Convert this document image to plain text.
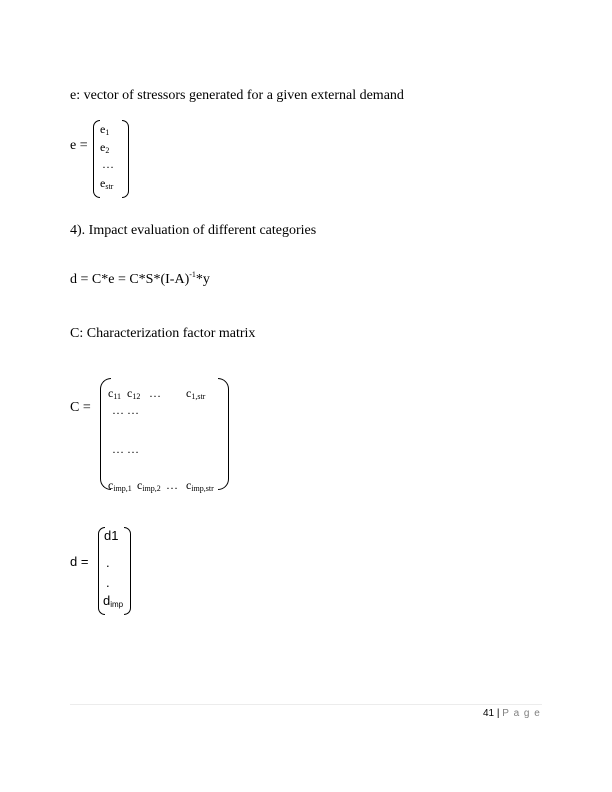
e: vector of stressors generated for a given external demand
e =
$e_1$
$e_2$
…
$e_{str}$
4). Impact evaluation of different categories
$d = C*e = C*S*(I-A)^{-1}*y$
C: Characterization factor matrix
C =
$c_{11}$ $c_{12}$ … $c_{1,str}$
… …
… …
$c_{imp,1}$ $c_{imp,2}$ … $c_{imp,str}$
d =
d1
.
.
$d_{imp}$
41 | P a g e
